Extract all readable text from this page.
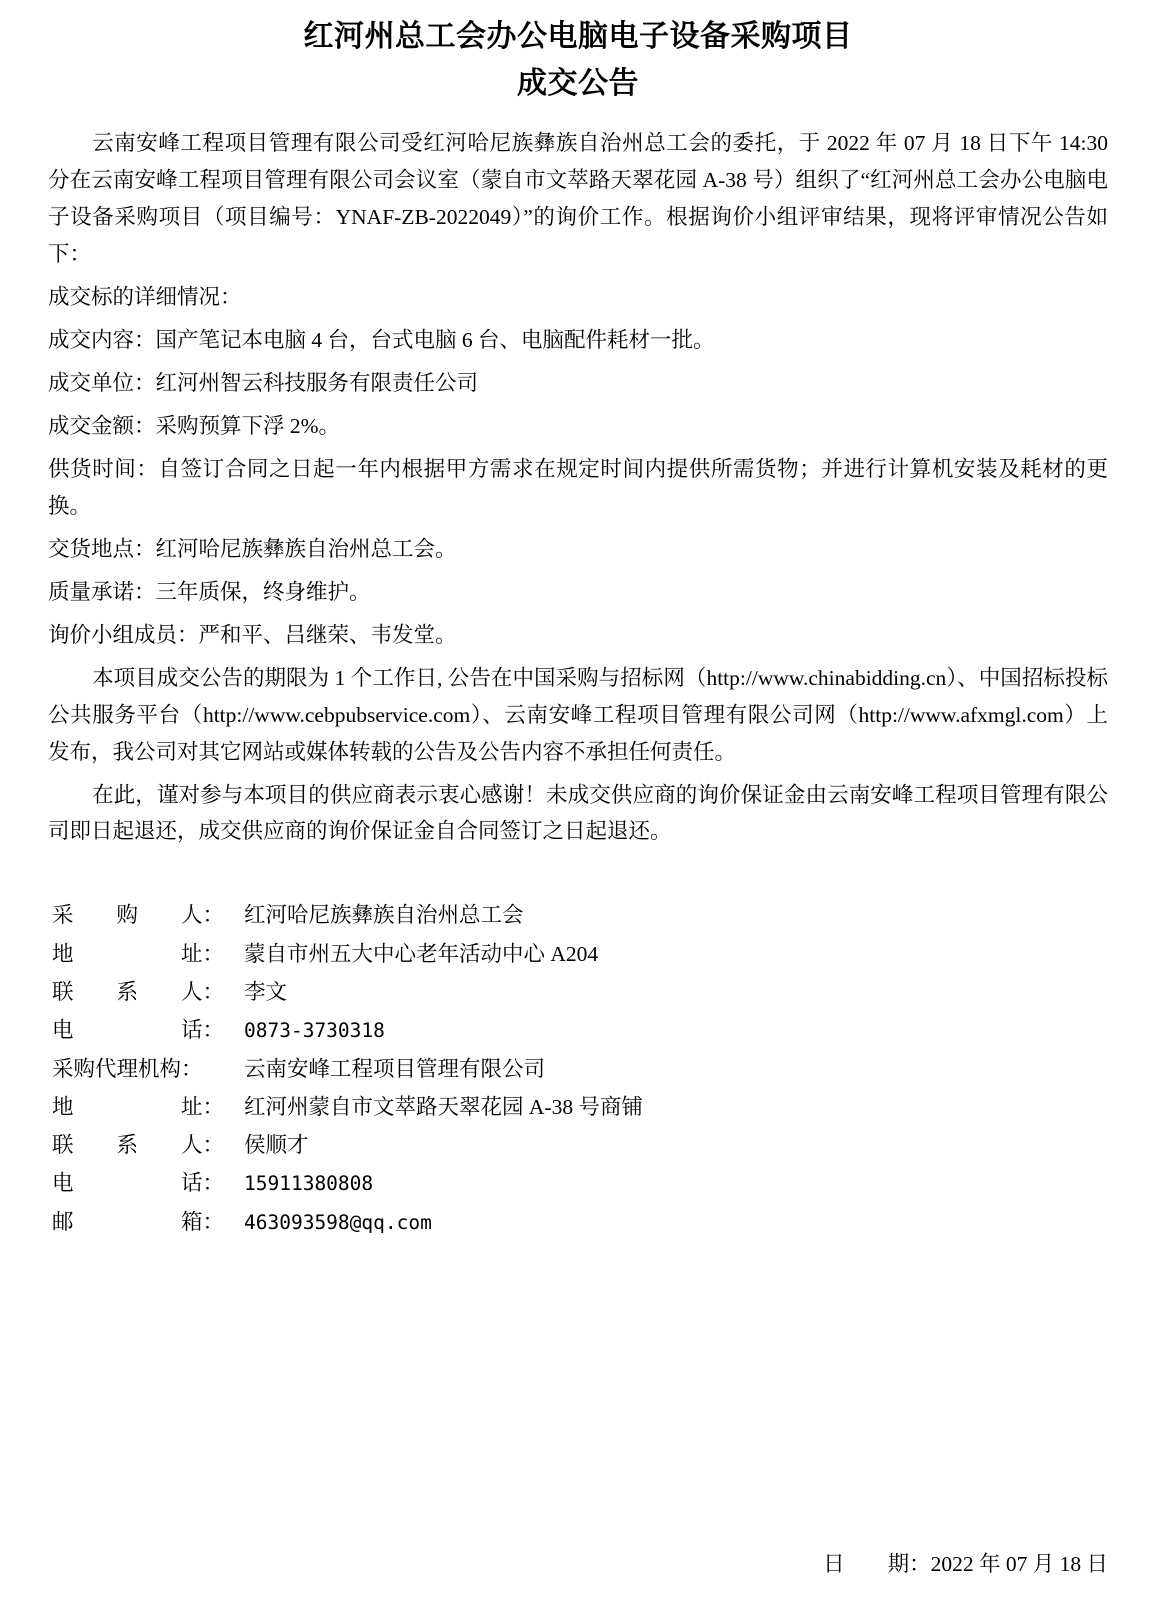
红河州总工会办公电脑电子设备采购项目
成交公告

云南安峰工程项目管理有限公司受红河哈尼族彝族自治州总工会的委托，于 2022 年 07 月 18 日下午 14:30 分在云南安峰工程项目管理有限公司会议室（蒙自市文萃路天翠花园 A-38 号）组织了“红河州总工会办公电脑电子设备采购项目（项目编号：YNAF-ZB-2022049）”的询价工作。根据询价小组评审结果，现将评审情况公告如下：

成交标的详细情况：

成交内容：国产笔记本电脑 4 台，台式电脑 6 台、电脑配件耗材一批。

成交单位：红河州智云科技服务有限责任公司

成交金额：采购预算下浮 2%。

供货时间：自签订合同之日起一年内根据甲方需求在规定时间内提供所需货物；并进行计算机安装及耗材的更换。

交货地点：红河哈尼族彝族自治州总工会。

质量承诺：三年质保，终身维护。

询价小组成员：严和平、吕继荣、韦发堂。

本项目成交公告的期限为 1 个工作日, 公告在中国采购与招标网（http://www.chinabidding.cn）、中国招标投标公共服务平台（http://www.cebpubservice.com）、云南安峰工程项目管理有限公司网（http://www.afxmgl.com）上发布，我公司对其它网站或媒体转载的公告及公告内容不承担任何责任。

在此，谨对参与本项目的供应商表示衷心感谢！未成交供应商的询价保证金由云南安峰工程项目管理有限公司即日起退还，成交供应商的询价保证金自合同签订之日起退还。

采　　购　　人： 红河哈尼族彝族自治州总工会
地　　　　　址： 蒙自市州五大中心老年活动中心 A204
联　　系　　人： 李文
电　　　　　话： 0873-3730318
采购代理机构： 云南安峰工程项目管理有限公司
地　　　　　址： 红河州蒙自市文萃路天翠花园 A-38 号商铺
联　　系　　人： 侯顺才
电　　　　　话： 15911380808
邮　　　　　箱： 463093598@qq.com
日　　期：2022 年 07 月 18 日
